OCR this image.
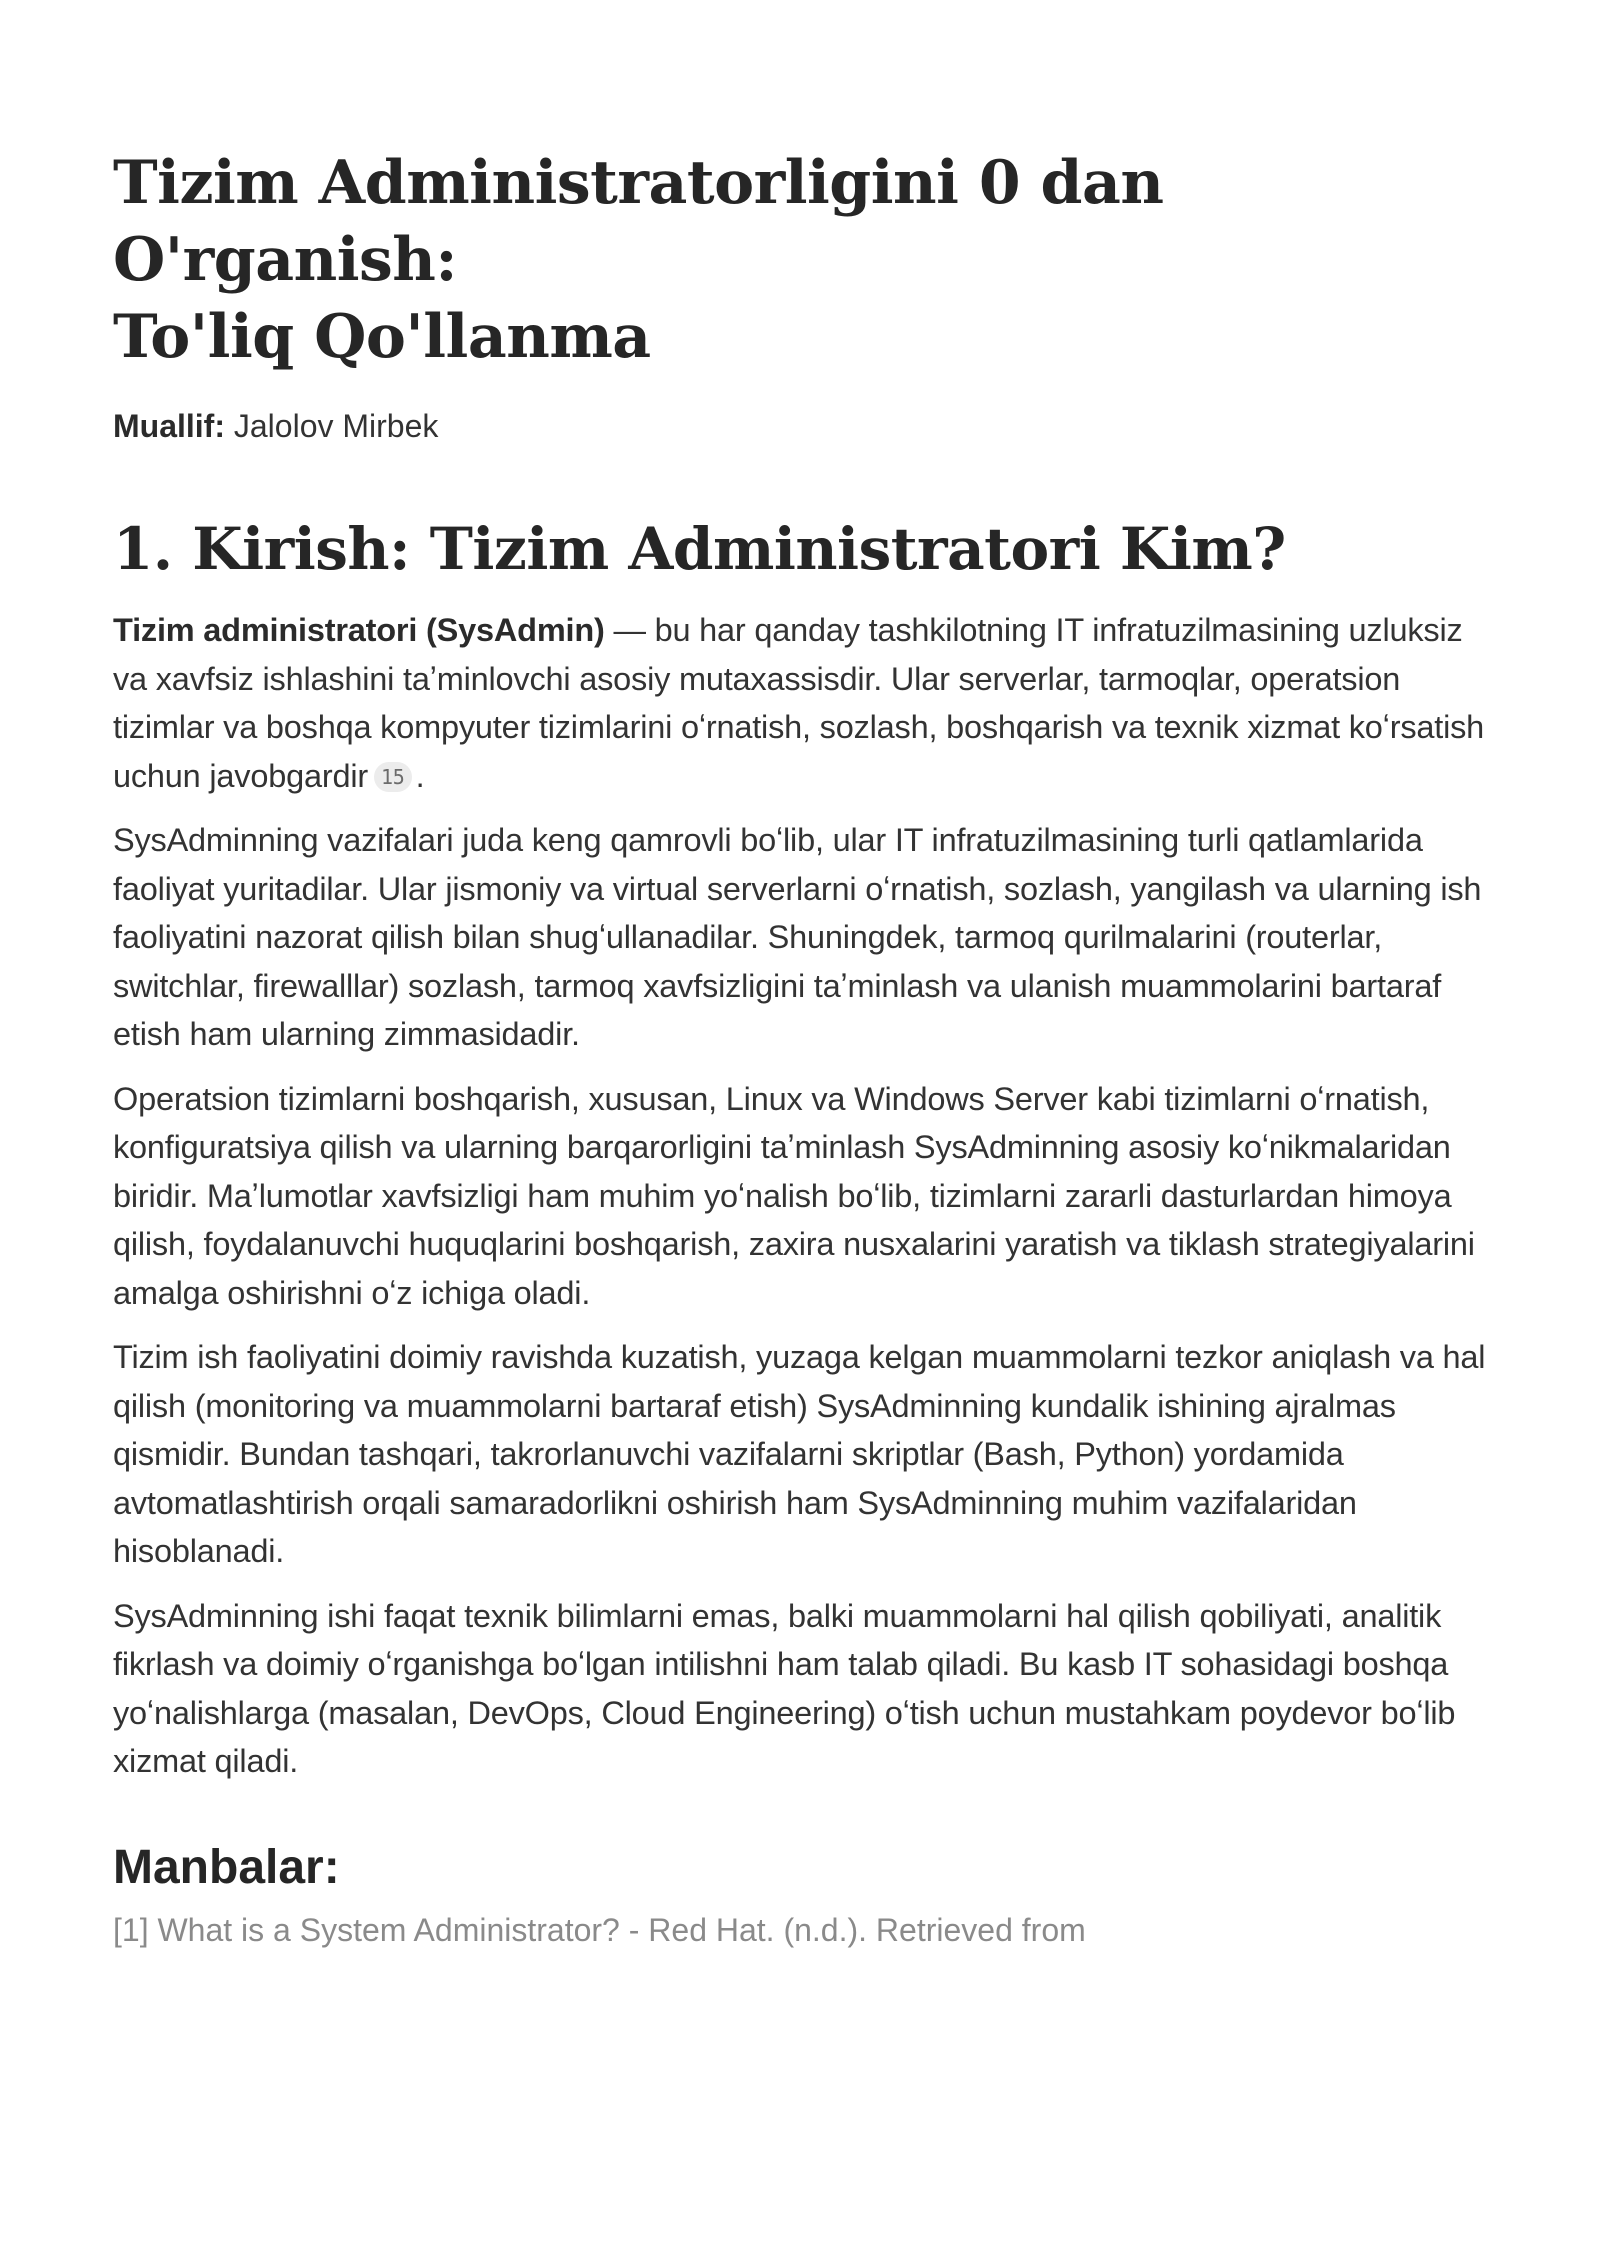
Tizim Administratorligini 0 dan O'rganish:
To'liq Qo'llanma
Muallif: Jalolov Mirbek
1. Kirish: Tizim Administratori Kim?

Tizim administratori (SysAdmin) — bu har qanday tashkilotning IT infratuzilmasining uzluksiz va xavfsiz ishlashini taʼminlovchi asosiy mutaxassisdir. Ular serverlar, tarmoqlar, operatsion tizimlar va boshqa kompyuter tizimlarini oʻrnatish, sozlash, boshqarish va texnik xizmat koʻrsatish uchun javobgardir 15 .

SysAdminning vazifalari juda keng qamrovli boʻlib, ular IT infratuzilmasining turli qatlamlarida faoliyat yuritadilar. Ular jismoniy va virtual serverlarni oʻrnatish, sozlash, yangilash va ularning ish faoliyatini nazorat qilish bilan shugʻullanadilar. Shuningdek, tarmoq qurilmalarini (routerlar, switchlar, firewalllar) sozlash, tarmoq xavfsizligini taʼminlash va ulanish muammolarini bartaraf etish ham ularning zimmasidadir.

Operatsion tizimlarni boshqarish, xususan, Linux va Windows Server kabi tizimlarni oʻrnatish, konfiguratsiya qilish va ularning barqarorligini taʼminlash SysAdminning asosiy koʻnikmalaridan biridir. Maʼlumotlar xavfsizligi ham muhim yoʻnalish boʻlib, tizimlarni zararli dasturlardan himoya qilish, foydalanuvchi huquqlarini boshqarish, zaxira nusxalarini yaratish va tiklash strategiyalarini amalga oshirishni oʻz ichiga oladi.

Tizim ish faoliyatini doimiy ravishda kuzatish, yuzaga kelgan muammolarni tezkor aniqlash va hal qilish (monitoring va muammolarni bartaraf etish) SysAdminning kundalik ishining ajralmas qismidir. Bundan tashqari, takrorlanuvchi vazifalarni skriptlar (Bash, Python) yordamida avtomatlashtirish orqali samaradorlikni oshirish ham SysAdminning muhim vazifalaridan hisoblanadi.

SysAdminning ishi faqat texnik bilimlarni emas, balki muammolarni hal qilish qobiliyati, analitik fikrlash va doimiy oʻrganishga boʻlgan intilishni ham talab qiladi. Bu kasb IT sohasidagi boshqa yoʻnalishlarga (masalan, DevOps, Cloud Engineering) oʻtish uchun mustahkam poydevor boʻlib xizmat qiladi.

Manbalar:
[1] What is a System Administrator? - Red Hat. (n.d.). Retrieved from
